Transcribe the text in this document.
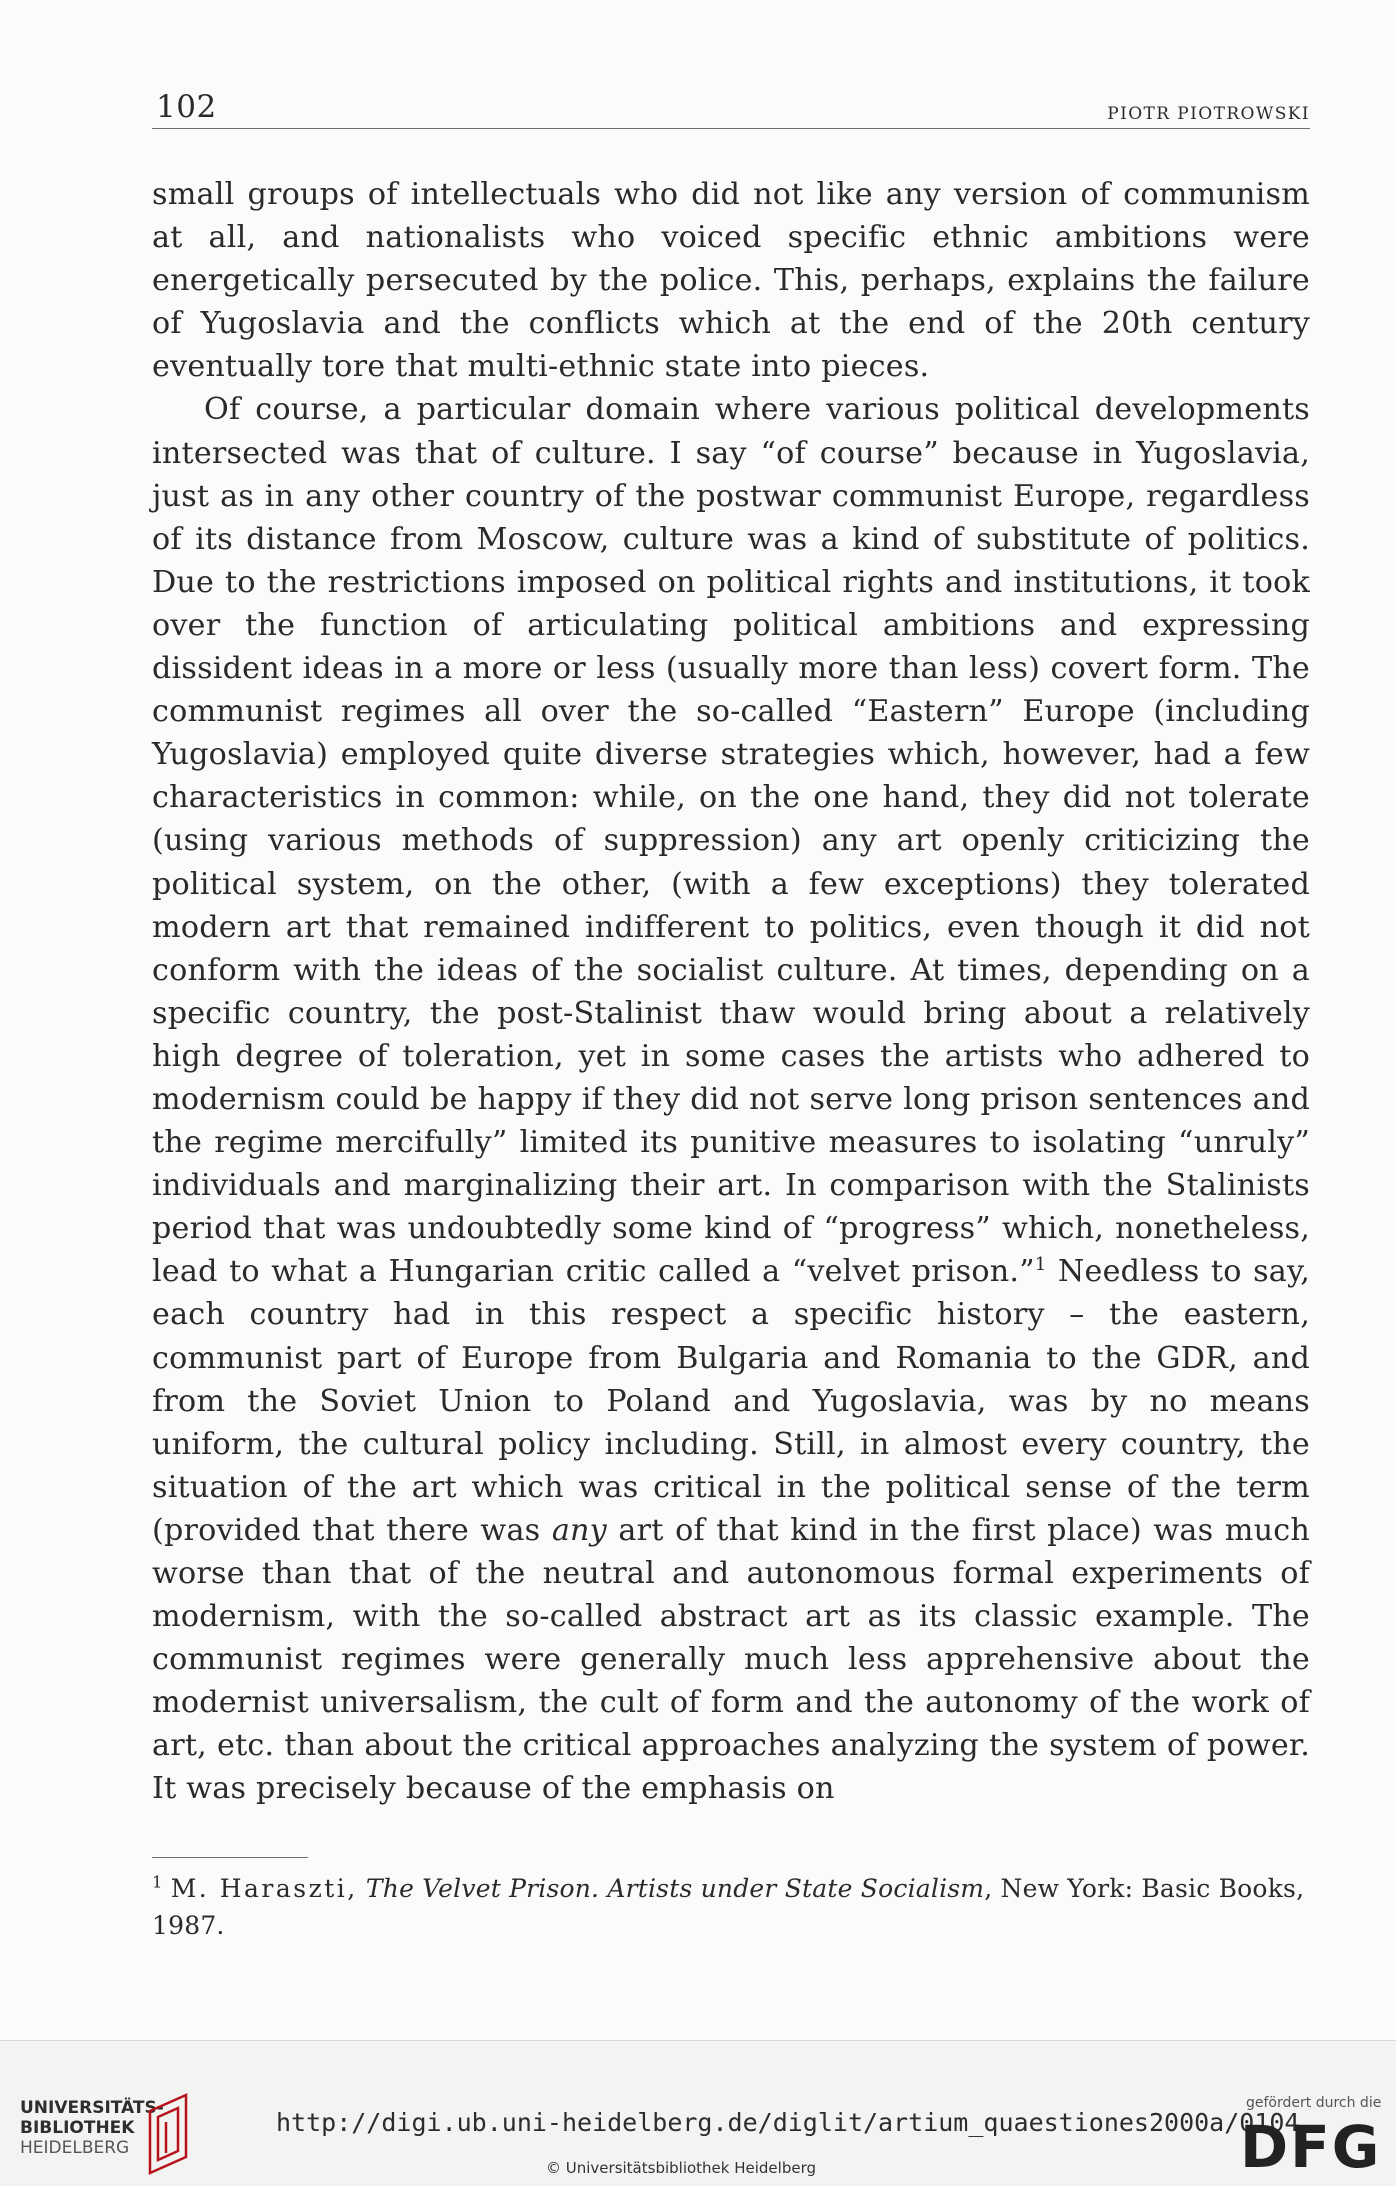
102	PIOTR PIOTROWSKI

small groups of intellectuals who did not like any version of communism at all, and nationalists who voiced specific ethnic ambitions were energetically persecuted by the police. This, perhaps, explains the failure of Yugoslavia and the conflicts which at the end of the 20th century eventually tore that multi-ethnic state into pieces.

Of course, a particular domain where various political developments intersected was that of culture. I say “of course” because in Yugoslavia, just as in any other country of the postwar communist Europe, regardless of its distance from Moscow, culture was a kind of substitute of politics. Due to the restrictions imposed on political rights and institutions, it took over the function of articulating political ambitions and expressing dissident ideas in a more or less (usually more than less) covert form. The communist regimes all over the so-called “Eastern” Europe (including Yugoslavia) employed quite diverse strategies which, however, had a few characteristics in common: while, on the one hand, they did not tolerate (using various methods of suppression) any art openly criticizing the political system, on the other, (with a few exceptions) they tolerated modern art that remained indifferent to politics, even though it did not conform with the ideas of the socialist culture. At times, depending on a specific country, the post-Stalinist thaw would bring about a relatively high degree of toleration, yet in some cases the artists who adhered to modernism could be happy if they did not serve long prison sentences and the regime mercifully” limited its punitive measures to isolating “unruly” individuals and marginalizing their art. In comparison with the Stalinists period that was undoubtedly some kind of “progress” which, nonetheless, lead to what a Hungarian critic called a “velvet prison.”$^1$ Needless to say, each country had in this respect a specific history – the eastern, communist part of Europe from Bulgaria and Romania to the GDR, and from the Soviet Union to Poland and Yugoslavia, was by no means uniform, the cultural policy including. Still, in almost every country, the situation of the art which was critical in the political sense of the term (provided that there was any art of that kind in the first place) was much worse than that of the neutral and autonomous formal experiments of modernism, with the so-called abstract art as its classic example. The communist regimes were generally much less apprehensive about the modernist universalism, the cult of form and the autonomy of the work of art, etc. than about the critical approaches analyzing the system of power. It was precisely because of the emphasis on

$^1$ M. Haraszti, The Velvet Prison. Artists under State Socialism, New York: Basic Books, 1987.

UNIVERSITÄTS-
BIBLIOTHEK
HEIDELBERG
http://digi.ub.uni-heidelberg.de/diglit/artium_quaestiones2000a/0104
© Universitätsbibliothek Heidelberg
gefördert durch die
DFG
